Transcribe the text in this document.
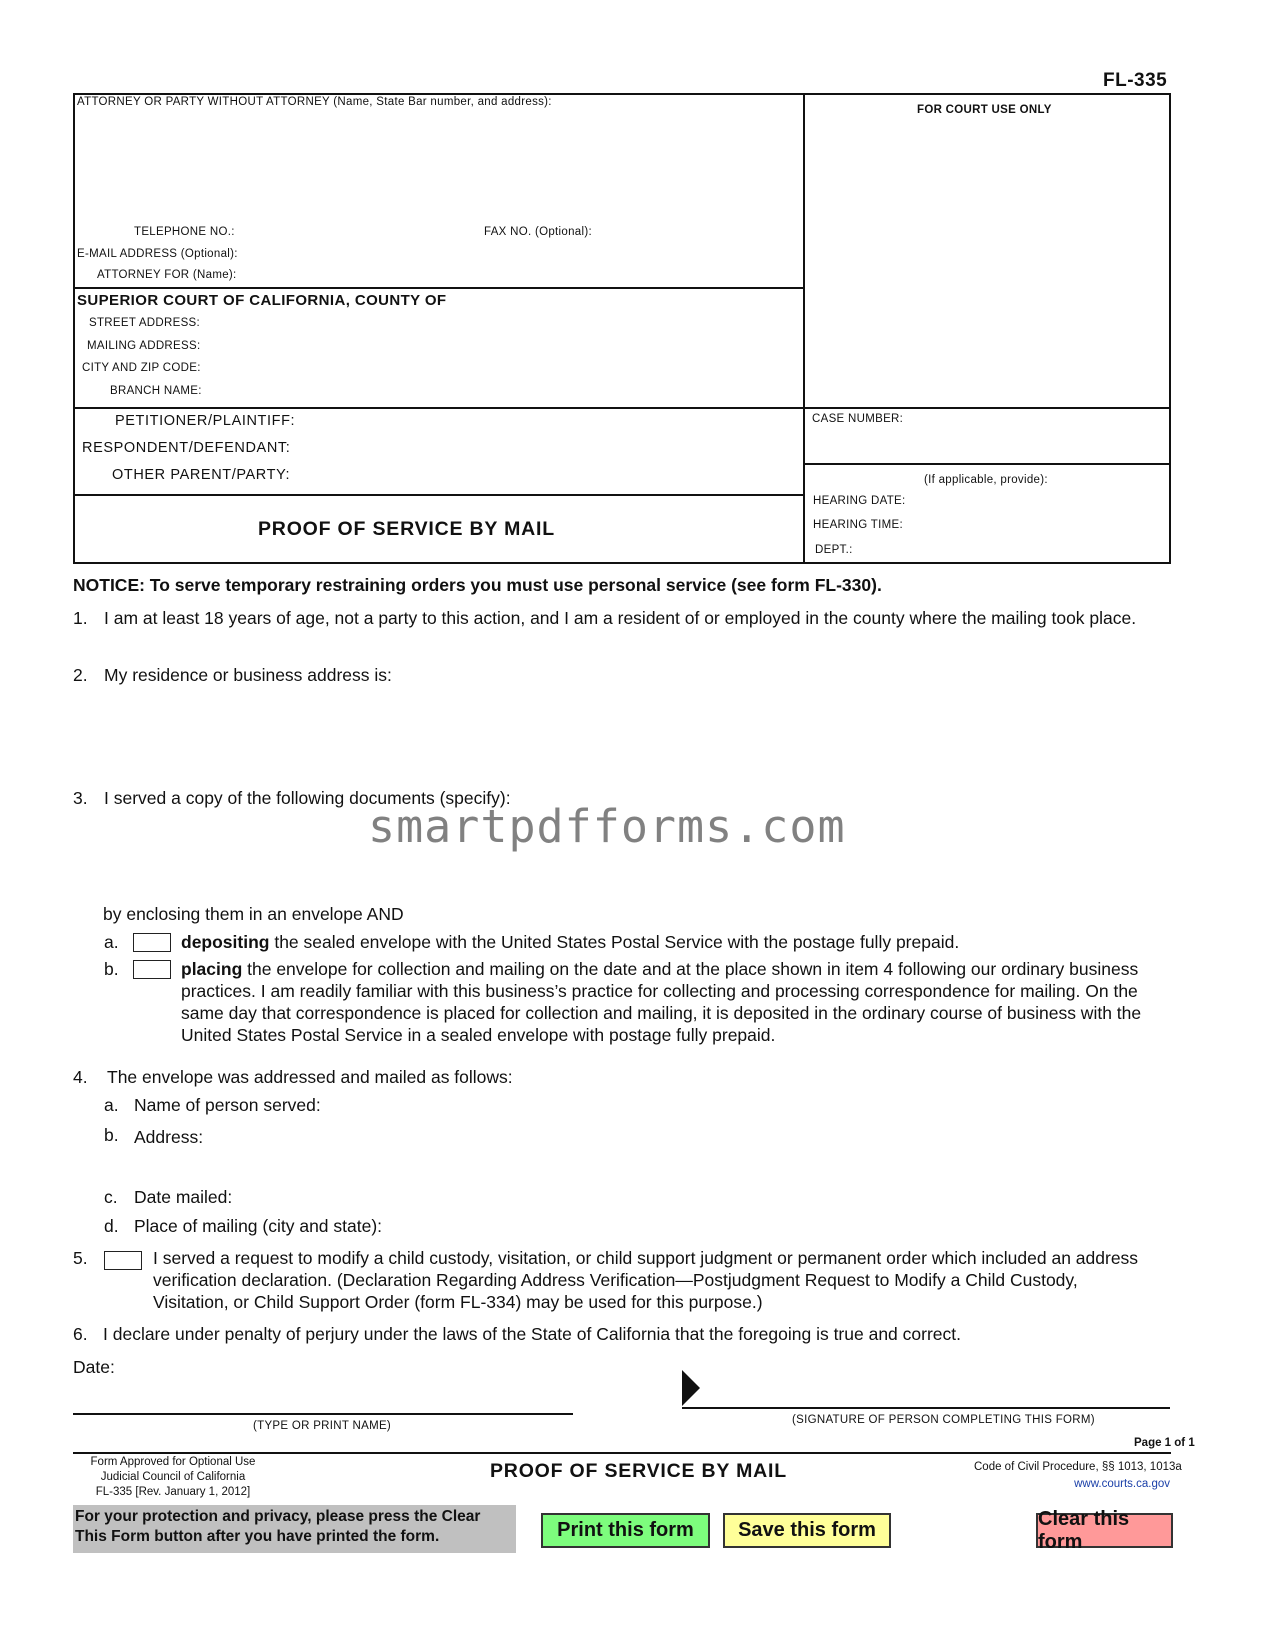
FL-335
ATTORNEY OR PARTY WITHOUT ATTORNEY (Name, State Bar number, and address):
FOR COURT USE ONLY
TELEPHONE NO.:	FAX NO. (Optional):
E-MAIL ADDRESS (Optional):
ATTORNEY FOR (Name):
SUPERIOR COURT OF CALIFORNIA, COUNTY OF
STREET ADDRESS:
MAILING ADDRESS:
CITY AND ZIP CODE:
BRANCH NAME:
PETITIONER/PLAINTIFF:
RESPONDENT/DEFENDANT:
OTHER PARENT/PARTY:
CASE NUMBER:
(If applicable, provide):
HEARING DATE:
HEARING TIME:
DEPT.:
PROOF OF SERVICE BY MAIL
NOTICE: To serve temporary restraining orders you must use personal service (see form FL-330).
1. I am at least 18 years of age, not a party to this action, and I am a resident of or employed in the county where the mailing took place.
2. My residence or business address is:
3. I served a copy of the following documents (specify):
smartpdfforms.com
by enclosing them in an envelope AND
a.	depositing the sealed envelope with the United States Postal Service with the postage fully prepaid.
b.	placing the envelope for collection and mailing on the date and at the place shown in item 4 following our ordinary business practices. I am readily familiar with this business’s practice for collecting and processing correspondence for mailing. On the same day that correspondence is placed for collection and mailing, it is deposited in the ordinary course of business with the United States Postal Service in a sealed envelope with postage fully prepaid.
4. The envelope was addressed and mailed as follows:
a. Name of person served:
b. Address:
c. Date mailed:
d. Place of mailing (city and state):
5.	I served a request to modify a child custody, visitation, or child support judgment or permanent order which included an address verification declaration. (Declaration Regarding Address Verification—Postjudgment Request to Modify a Child Custody, Visitation, or Child Support Order (form FL-334) may be used for this purpose.)
6. I declare under penalty of perjury under the laws of the State of California that the foregoing is true and correct.
Date:
(TYPE OR PRINT NAME)	(SIGNATURE OF PERSON COMPLETING THIS FORM)
Page 1 of 1
Form Approved for Optional Use
Judicial Council of California
FL-335 [Rev. January 1, 2012]
PROOF OF SERVICE BY MAIL	Code of Civil Procedure, §§ 1013, 1013a
www.courts.ca.gov
For your protection and privacy, please press the Clear
This Form button after you have printed the form.	Print this form	Save this form
Clear this form
